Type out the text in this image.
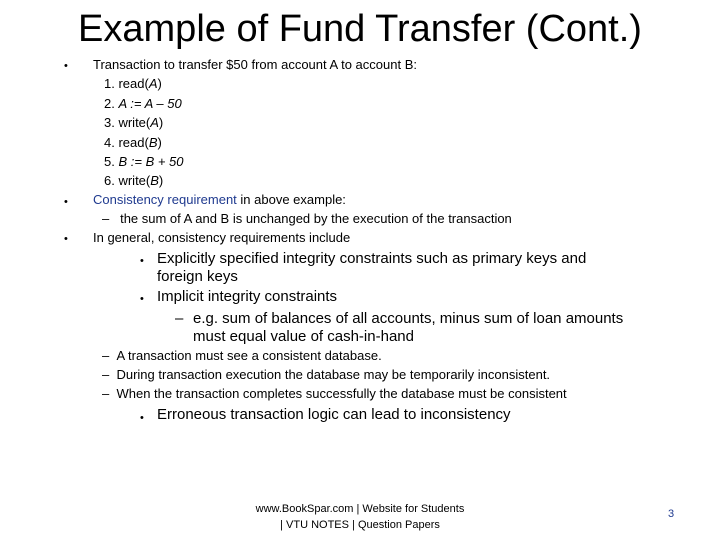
Example of Fund Transfer (Cont.)
•
•
•
Transaction to transfer $50 from account A to account B:
1. read(A)
2. A := A – 50
3. write(A)
4. read(B)
5. B := B + 50
6. write(B)
Consistency requirement in above example:
– the sum of A and B is unchanged by the execution of the transaction
In general, consistency requirements include
• Explicitly specified integrity constraints such as primary keys and
foreign keys
• Implicit integrity constraints
– e.g. sum of balances of all accounts, minus sum of loan amounts
must equal value of cash-in-hand
– A transaction must see a consistent database.
– During transaction execution the database may be temporarily inconsistent.
– When the transaction completes successfully the database must be consistent
• Erroneous transaction logic can lead to inconsistency
www.BookSpar.com | Website for Students
| VTU NOTES | Question Papers
3
